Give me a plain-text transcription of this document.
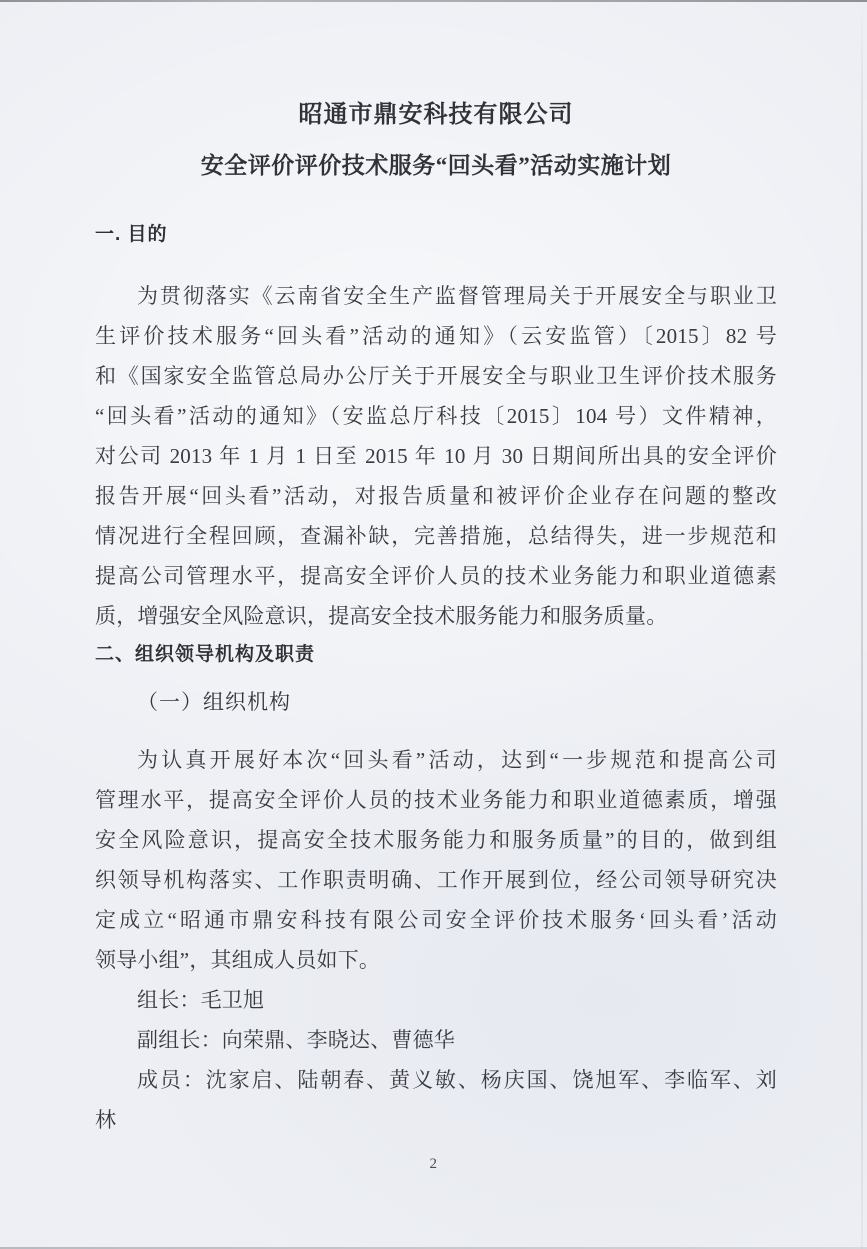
昭通市鼎安科技有限公司
安全评价评价技术服务“回头看”活动实施计划
一. 目的
为贯彻落实《云南省安全生产监督管理局关于开展安全与职业卫
生评价技术服务“回头看”活动的通知》（云安监管）〔2015〕82 号
和《国家安全监管总局办公厅关于开展安全与职业卫生评价技术服务
“回头看”活动的通知》（安监总厅科技〔2015〕104 号）文件精神，
对公司 2013 年 1 月 1 日至 2015 年 10 月 30 日期间所出具的安全评价
报告开展“回头看”活动，对报告质量和被评价企业存在问题的整改
情况进行全程回顾，查漏补缺，完善措施，总结得失，进一步规范和
提高公司管理水平，提高安全评价人员的技术业务能力和职业道德素
质，增强安全风险意识，提高安全技术服务能力和服务质量。
二、组织领导机构及职责
（一）组织机构
为认真开展好本次“回头看”活动，达到“一步规范和提高公司
管理水平，提高安全评价人员的技术业务能力和职业道德素质，增强
安全风险意识，提高安全技术服务能力和服务质量”的目的，做到组
织领导机构落实、工作职责明确、工作开展到位，经公司领导研究决
定成立“昭通市鼎安科技有限公司安全评价技术服务‘回头看’活动
领导小组”，其组成人员如下。
组长：毛卫旭
副组长：向荣鼎、李晓达、曹德华
成员：沈家启、陆朝春、黄义敏、杨庆国、饶旭军、李临军、刘
林
2
